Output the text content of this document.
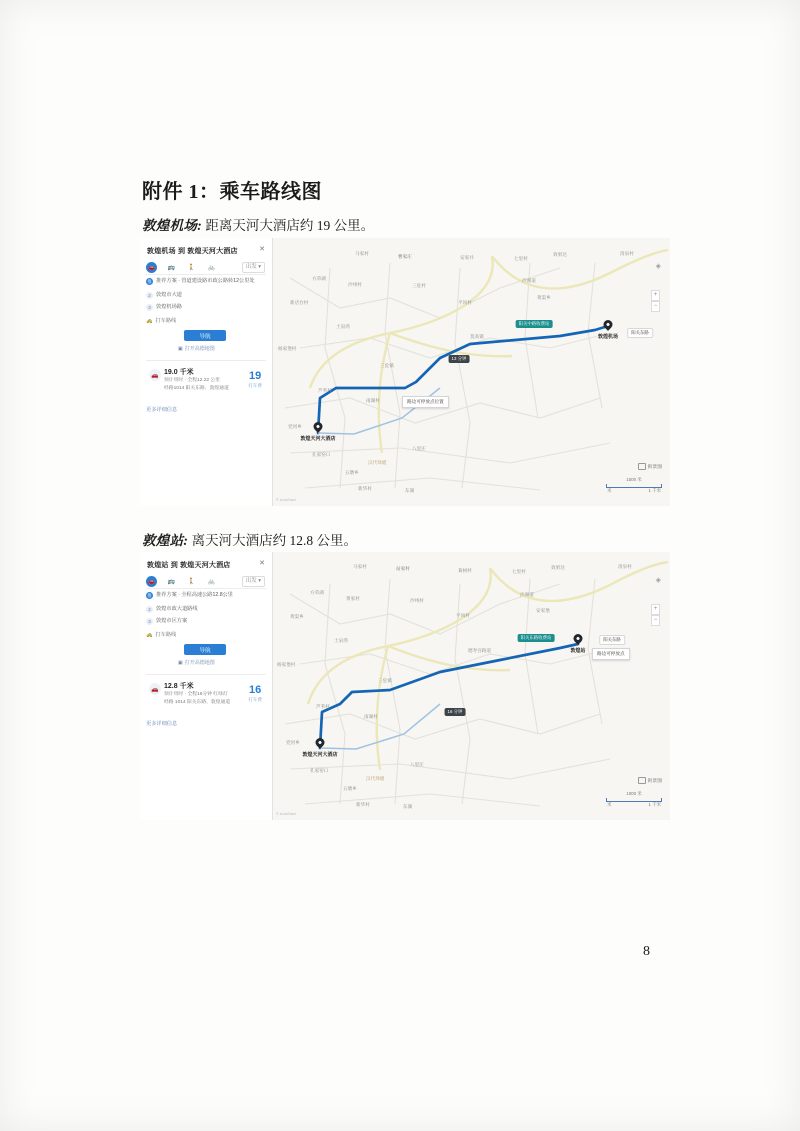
附件 1：乘车路线图
敦煌机场: 距离天河大酒店约 19 公里。
敦煌站: 离天河大酒店约 12.8 公里。
曹家庄
马家村
安家井	七里村
效果达	清泉村
沙洲道
方草湖
沙州村	三危村
黄渠乡
平风村
莫高镇
新店台村
土泉湾
杨家堡村
南湖村
芦苇村
孔家窑口
五墩乡
八里庄
新华村	东湖
三危镇
党河乡
汉代烽燧
敦煌天河大酒店
敦煌机场
阳关中路收费站
13 分钟
阳关东路
路边可停放点位置
◈
+
−
街景图
1500 米
米	1 千米
© AutoNavi
敦煌机场 到 敦煌天河大酒店	✕
🚗 🚌 🚶 🚲	出发 ▾
推荐
推荐方案 · 管道建设路市政公路转12公里处
2	敦煌市大道
3	敦煌机场路
🚕 打车路线
导航
▣ 打开高德地图
🚗 19.0 千米
预计用时 · 全程12.22 公里
经路1014 阳关东路、敦煌通道
19
打车费
更多详细信息
站家村
马家村
葛树村	七里村
效果达	清泉村
沙洲道
方草湖
黄家村	沙州村
安家堡
平风村
德寿宫路道
黄渠乡
土泉湾
杨家堡村
南湖村
芦苇村
孔家窑口
五墩乡
八里庄
新华村	东湖
三危镇
党河乡
汉代烽燧
敦煌天河大酒店
敦煌站
阳关东路收费站
16 分钟
阳关东路
路边可停放点
◈
+
−
街景图
1000 米
米	1 千米
© AutoNavi
敦煌站 到 敦煌天河大酒店	✕
🚗 🚌 🚶 🚲	出发 ▾
推荐
推荐方案 · 全程高速公路12.8公里
2	敦煌市政大道路线
3	敦煌市区方案
🚕 打车路线
导航
▣ 打开高德地图
🚗 12.8 千米
预计用时 · 全程16分钟 红绿灯
经路 1014 阳关东路、敦煌通道
16
打车费
更多详细信息
8
